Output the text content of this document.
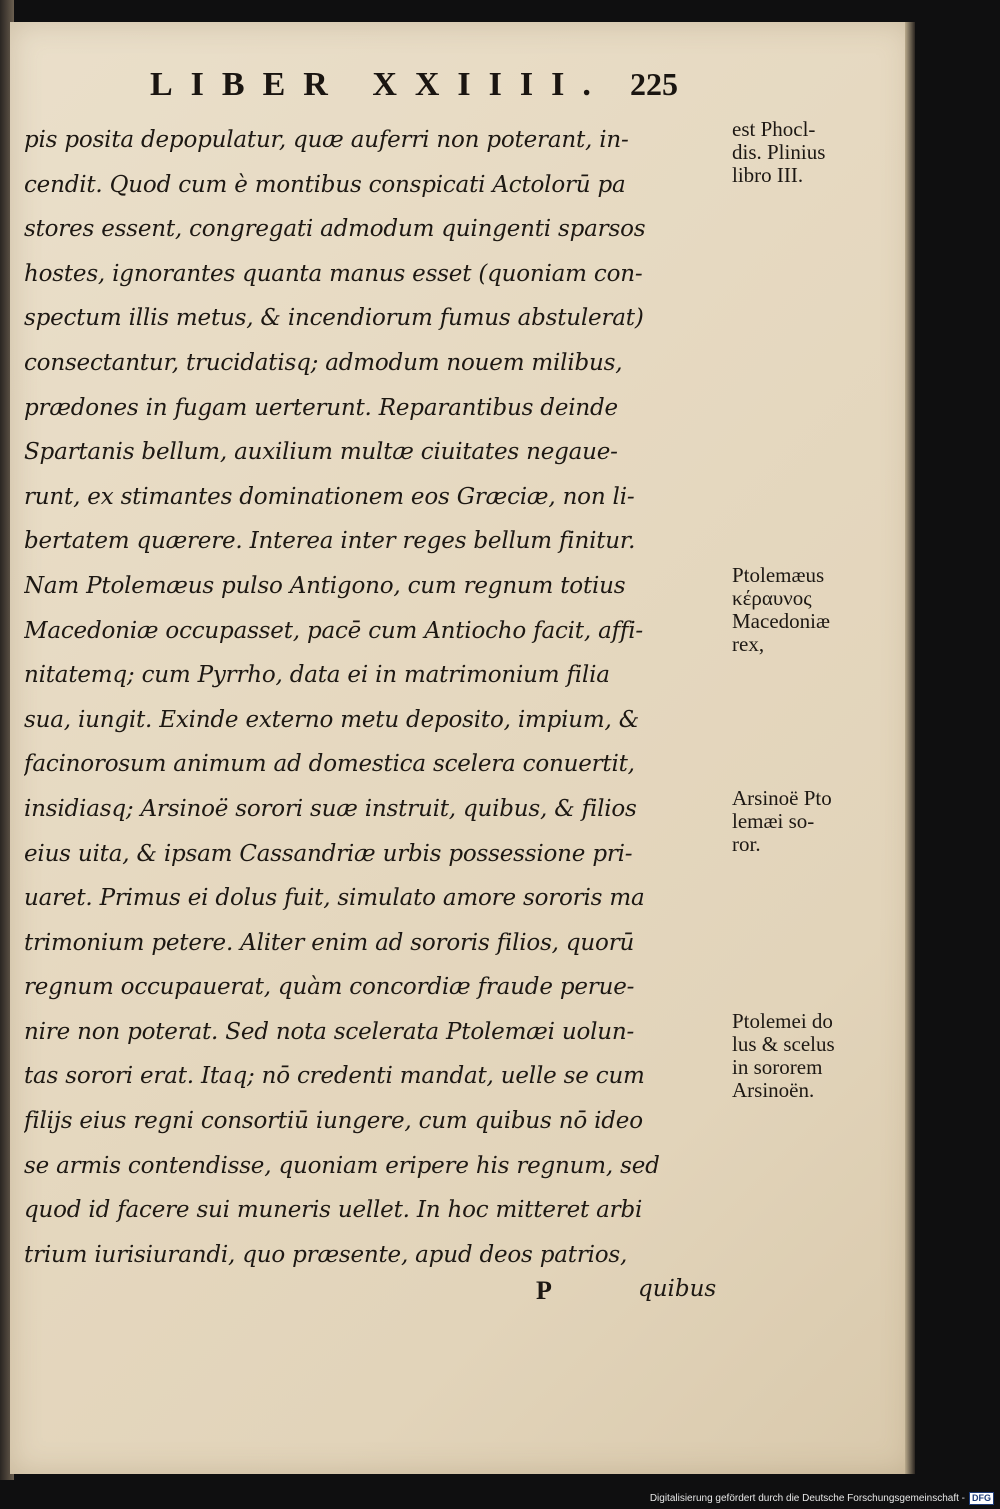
LIBER XXIIII. 225
pis posita depopulatur, quæ auferri non poterant, in-
cendit. Quod cum è montibus conspicati Actolorū pa
stores essent, congregati admodum quingenti sparsos
hostes, ignorantes quanta manus esset (quoniam con-
spectum illis metus, & incendiorum fumus abstulerat)
consectantur, trucidatisq; admodum nouem milibus,
prædones in fugam uerterunt. Reparantibus deinde
Spartanis bellum, auxilium multæ ciuitates negaue-
runt, ex stimantes dominationem eos Græciæ, non li-
bertatem quærere. Interea inter reges bellum finitur.
Nam Ptolemæus pulso Antigono, cum regnum totius
Macedoniæ occupasset, pacē cum Antiocho facit, affi-
nitatemq; cum Pyrrho, data ei in matrimonium filia
sua, iungit. Exinde externo metu deposito, impium, &
facinorosum animum ad domestica scelera conuertit,
insidiasq; Arsinoë sorori suæ instruit, quibus, & filios
eius uita, & ipsam Cassandriæ urbis possessione pri-
uaret. Primus ei dolus fuit, simulato amore sororis ma
trimonium petere. Aliter enim ad sororis filios, quorū
regnum occupauerat, quàm concordiæ fraude perue-
nire non poterat. Sed nota scelerata Ptolemæi uolun-
tas sorori erat. Itaq; nō credenti mandat, uelle se cum
filijs eius regni consortiū iungere, cum quibus nō ideo
se armis contendisse, quoniam eripere his regnum, sed
quod id facere sui muneris uellet. In hoc mitteret arbi
trium iurisiurandi, quo præsente, apud deos patrios,
est Phocl-
dis. Plinius
libro III.
Ptolemæus
κέραυνος
Macedoniæ
rex,
Arsinoë Pto
lemæi so-
ror.
Ptolemei do
lus & scelus
in sororem
Arsinoën.
P	quibus
Digitalisierung gefördert durch die Deutsche Forschungsgemeinschaft - DFG
